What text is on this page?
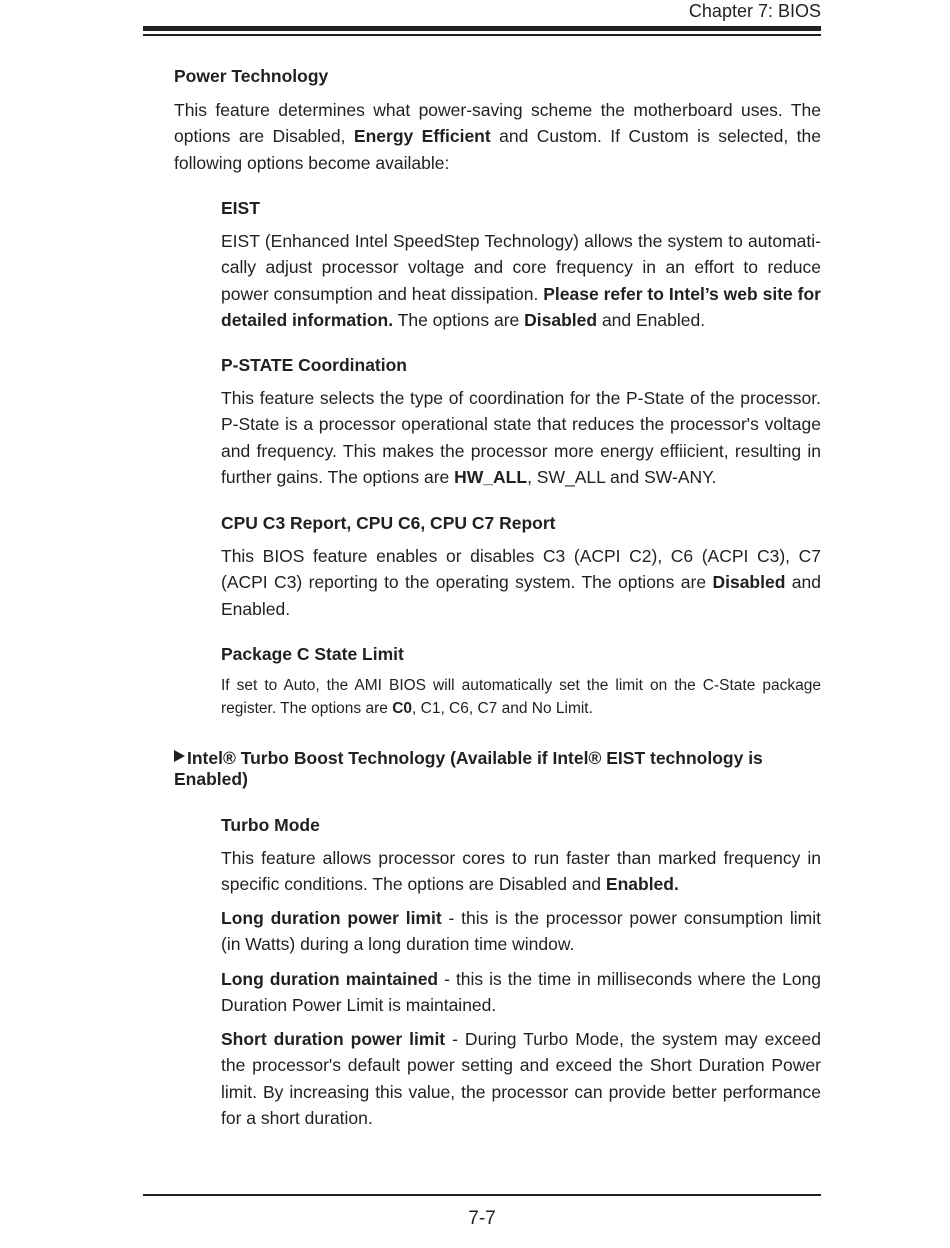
Chapter 7: BIOS
Power Technology

This feature determines what power-saving scheme the motherboard uses. The options are Disabled, Energy Efficient and Custom. If Custom is selected, the following options become available:

EIST

EIST (Enhanced Intel SpeedStep Technology) allows the system to automati-cally adjust processor voltage and core frequency in an effort to reduce power consumption and heat dissipation. Please refer to Intel’s web site for detailed information. The options are Disabled and Enabled.

P-STATE Coordination

This feature selects the type of coordination for the P-State of the processor. P-State is a processor operational state that reduces the processor's voltage and frequency. This makes the processor more energy effiicient, resulting in further gains. The options are HW_ALL, SW_ALL and SW-ANY.

CPU C3 Report, CPU C6, CPU C7 Report

This BIOS feature enables or disables C3 (ACPI C2), C6 (ACPI C3), C7 (ACPI C3) reporting to the operating system. The options are Disabled and Enabled.

Package C State Limit

If set to Auto, the AMI BIOS will automatically set the limit on the C-State package register. The options are C0, C1, C6, C7 and No Limit.

Intel® Turbo Boost Technology (Available if Intel® EIST technology is
Enabled)
Turbo Mode

This feature allows processor cores to run faster than marked frequency in specific conditions. The options are Disabled and Enabled.

Long duration power limit - this is the processor power consumption limit (in Watts) during a long duration time window.

Long duration maintained - this is the time in milliseconds where the Long Duration Power Limit is maintained.

Short duration power limit - During Turbo Mode, the system may exceed the processor's default power setting and exceed the Short Duration Power limit. By increasing this value, the processor can provide better performance for a short duration.

7-7
